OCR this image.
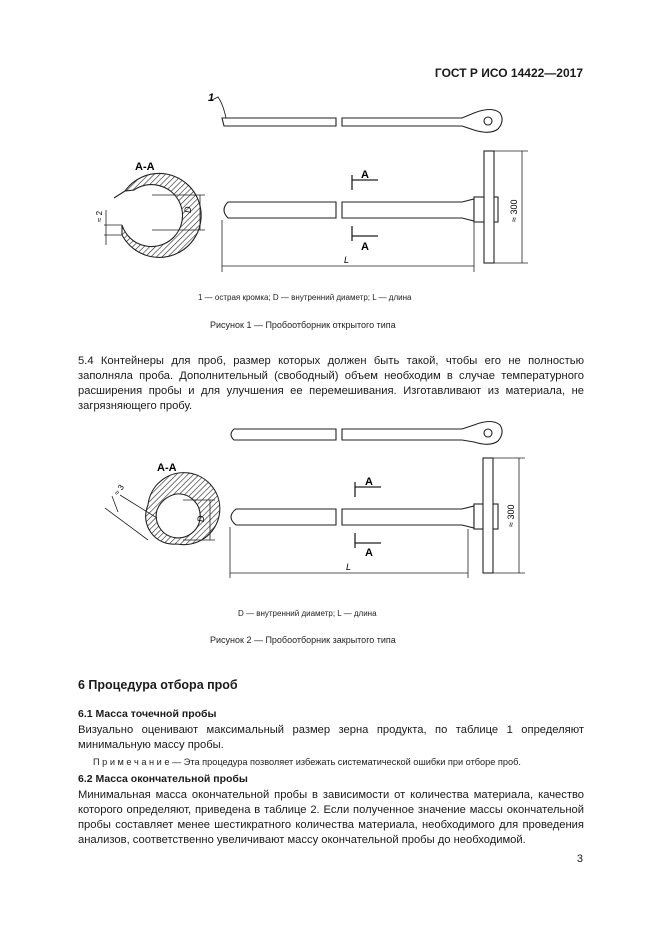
ГОСТ Р ИСО 14422—2017
1
А-А
D
≈ 2
А
А
L
≈ 300
1 — острая кромка; D — внутренний диаметр; L — длина
Рисунок 1 — Пробоотборник открытого типа
5.4 Контейнеры для проб, размер которых должен быть такой, чтобы его не полностью заполняла проба. Дополнительный (свободный) объем необходим в случае температурного расширения пробы и для улучшения ее перемешивания. Изготавливают из материала, не загрязняющего пробу.
А-А
D
≈ 3
А
А
L
≈ 300
D — внутренний диаметр; L — длина
Рисунок 2 — Пробоотборник закрытого типа
6 Процедура отбора проб
6.1 Масса точечной пробы
Визуально оценивают максимальный размер зерна продукта, по таблице 1 определяют минимальную массу пробы.
П р и м е ч а н и е — Эта процедура позволяет избежать систематической ошибки при отборе проб.
6.2 Масса окончательной пробы
Минимальная масса окончательной пробы в зависимости от количества материала, качество которого определяют, приведена в таблице 2. Если полученное значение массы окончательной пробы составляет менее шестикратного количества материала, необходимого для проведения анализов, соответственно увеличивают массу окончательной пробы до необходимой.
3
